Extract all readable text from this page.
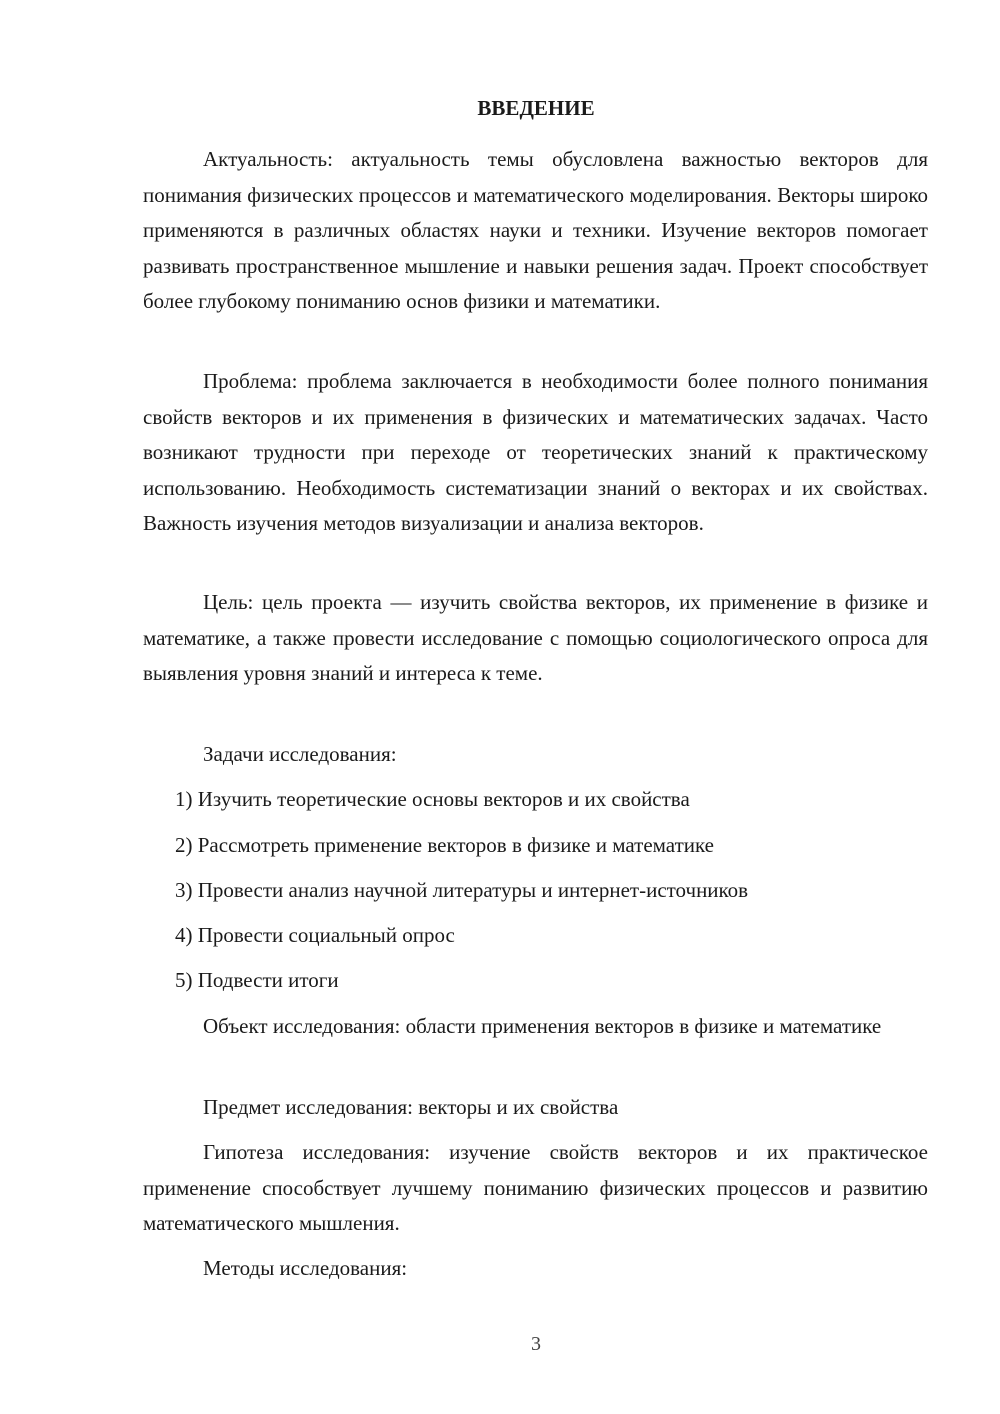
ВВЕДЕНИЕ

Актуальность: актуальность темы обусловлена важностью векторов для понимания физических процессов и математического моделирования. Векторы широко применяются в различных областях науки и техники. Изучение векторов помогает развивать пространственное мышление и навыки решения задач. Проект способствует более глубокому пониманию основ физики и математики.

Проблема: проблема заключается в необходимости более полного понимания свойств векторов и их применения в физических и математических задачах. Часто возникают трудности при переходе от теоретических знаний к практическому использованию. Необходимость систематизации знаний о векторах и их свойствах. Важность изучения методов визуализации и анализа векторов.

Цель: цель проекта — изучить свойства векторов, их применение в физике и математике, а также провести исследование с помощью социологического опроса для выявления уровня знаний и интереса к теме.

Задачи исследования:

1) Изучить теоретические основы векторов и их свойства

2) Рассмотреть применение векторов в физике и математике

3) Провести анализ научной литературы и интернет-источников

4) Провести социальный опрос

5) Подвести итоги

Объект исследования: области применения векторов в физике и математике

Предмет исследования: векторы и их свойства

Гипотеза исследования: изучение свойств векторов и их практическое применение способствует лучшему пониманию физических процессов и развитию математического мышления.

Методы исследования:

3
